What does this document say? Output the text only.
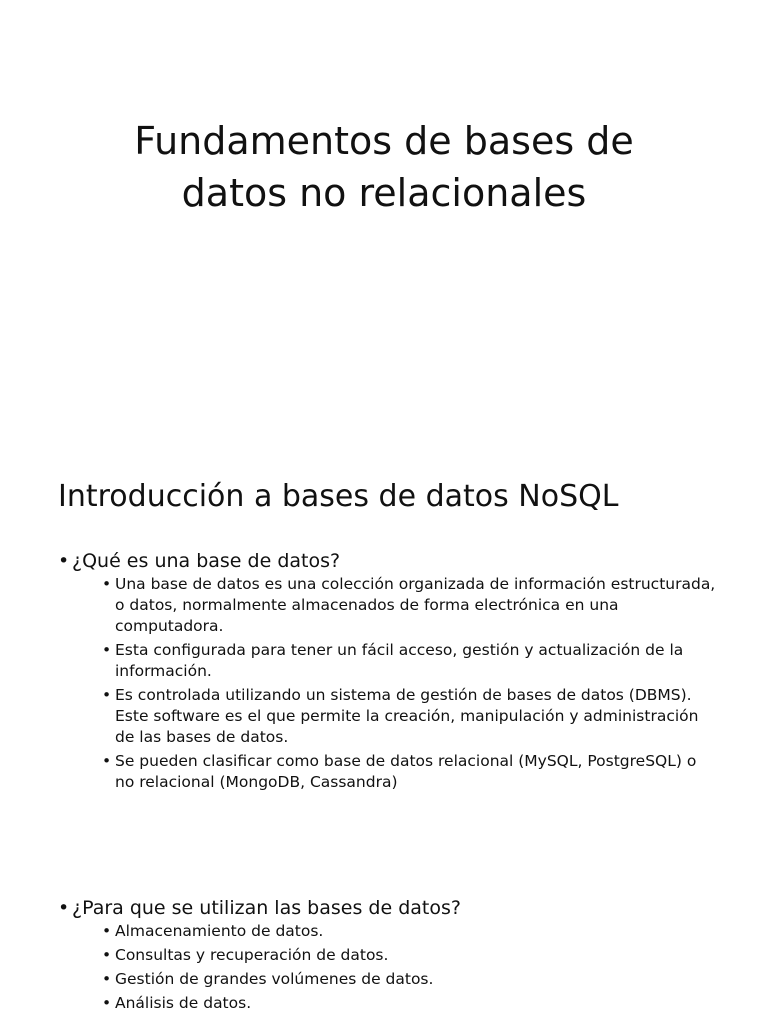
Fundamentos de bases de
datos no relacionales
Introducción a bases de datos NoSQL
• ¿Qué es una base de datos?
• Una base de datos es una colección organizada de información estructurada, o datos, normalmente almacenados de forma electrónica en una computadora.
• Esta configurada para tener un fácil acceso, gestión y actualización de la información.
• Es controlada utilizando un sistema de gestión de bases de datos (DBMS). Este software es el que permite la creación, manipulación y administración de las bases de datos.
• Se pueden clasificar como base de datos relacional (MySQL, PostgreSQL) o no relacional (MongoDB, Cassandra)
• ¿Para que se utilizan las bases de datos?
• Almacenamiento de datos.
• Consultas y recuperación de datos.
• Gestión de grandes volúmenes de datos.
• Análisis de datos.
